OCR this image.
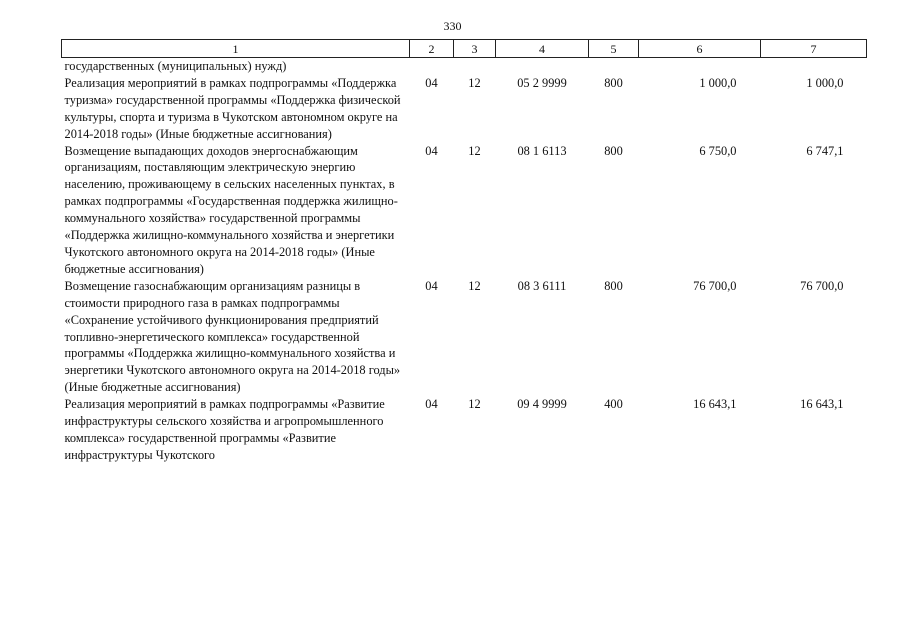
330
1	2	3	4	5	6	7
государственных (муниципальных) нужд)						
Реализация мероприятий в рамках подпрограммы «Поддержка туризма» государственной программы «Поддержка физической культуры, спорта и туризма в Чукотском автономном округе на 2014-2018 годы» (Иные бюджетные ассигнования)	04	12	05 2 9999	800	1 000,0	1 000,0
Возмещение выпадающих доходов энергоснабжающим организациям, поставляющим электрическую энергию населению, проживающему в сельских населенных пунктах, в рамках подпрограммы «Государственная поддержка жилищно-коммунального хозяйства» государственной программы «Поддержка жилищно-коммунального хозяйства и энергетики Чукотского автономного округа на 2014-2018 годы» (Иные бюджетные ассигнования)	04	12	08 1 6113	800	6 750,0	6 747,1
Возмещение газоснабжающим организациям разницы в стоимости природного газа в рамках подпрограммы «Сохранение устойчивого функционирования предприятий топливно-энергетического комплекса» государственной программы «Поддержка жилищно-коммунального хозяйства и энергетики Чукотского автономного округа на 2014-2018 годы» (Иные бюджетные ассигнования)	04	12	08 3 6111	800	76 700,0	76 700,0
Реализация мероприятий в рамках подпрограммы «Развитие инфраструктуры сельского хозяйства и агропромышленного комплекса» государственной программы «Развитие инфраструктуры Чукотского	04	12	09 4 9999	400	16 643,1	16 643,1
